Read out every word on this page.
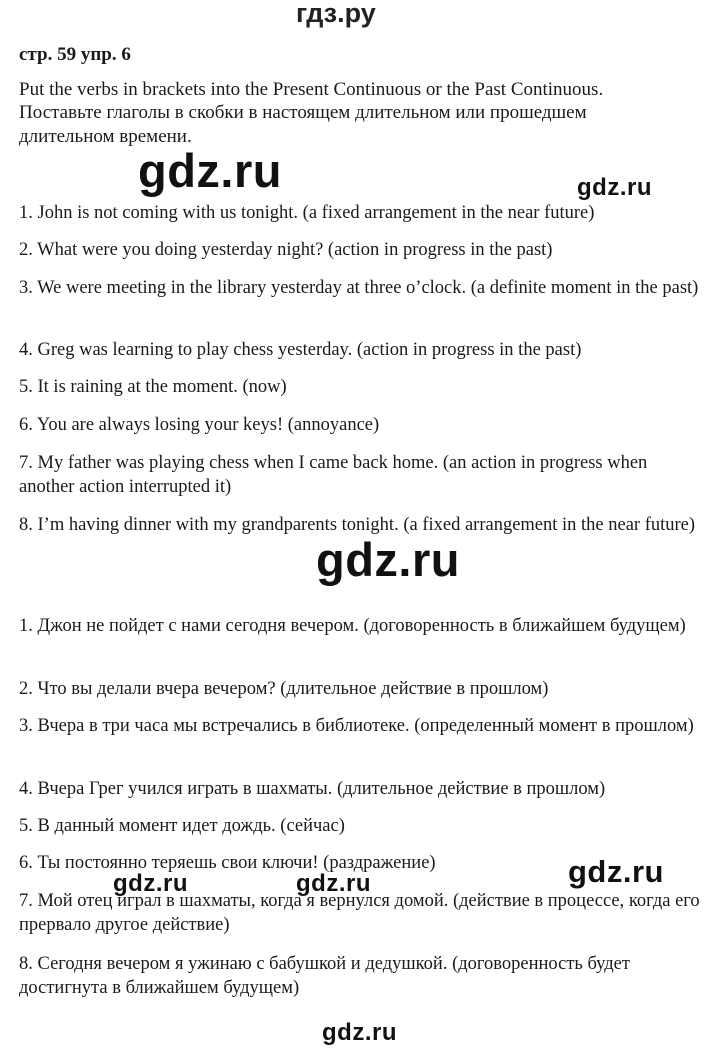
гдз.ру
стр. 59 упр. 6
Put the verbs in brackets into the Present Continuous or the Past Continuous.
Поставьте глаголы в скобки в настоящем длительном или прошедшем длительном времени.
gdz.ru	gdz.ru
1. John is not coming with us tonight. (a fixed arrangement in the near future)
2. What were you doing yesterday night? (action in progress in the past)
3. We were meeting in the library yesterday at three o’clock. (a definite moment in the past)
4. Greg was learning to play chess yesterday. (action in progress in the past)
5. It is raining at the moment. (now)
6. You are always losing your keys! (annoyance)
7. My father was playing chess when I came back home. (an action in progress when another action interrupted it)
8. I’m having dinner with my grandparents tonight. (a fixed arrangement in the near future)
gdz.ru
1. Джон не пойдет с нами сегодня вечером. (договоренность в ближайшем будущем)
2. Что вы делали вчера вечером? (длительное действие в прошлом)
3. Вчера в три часа мы встречались в библиотеке. (определенный момент в прошлом)
4. Вчера Грег учился играть в шахматы. (длительное действие в прошлом)
5. В данный момент идет дождь. (сейчас)
6. Ты постоянно теряешь свои ключи! (раздражение)	gdz.ru
gdz.ru	gdz.ru
7. Мой отец играл в шахматы, когда я вернулся домой. (действие в процессе, когда его прервало другое действие)
8. Сегодня вечером я ужинаю с бабушкой и дедушкой. (договоренность будет достигнута в ближайшем будущем)
gdz.ru
